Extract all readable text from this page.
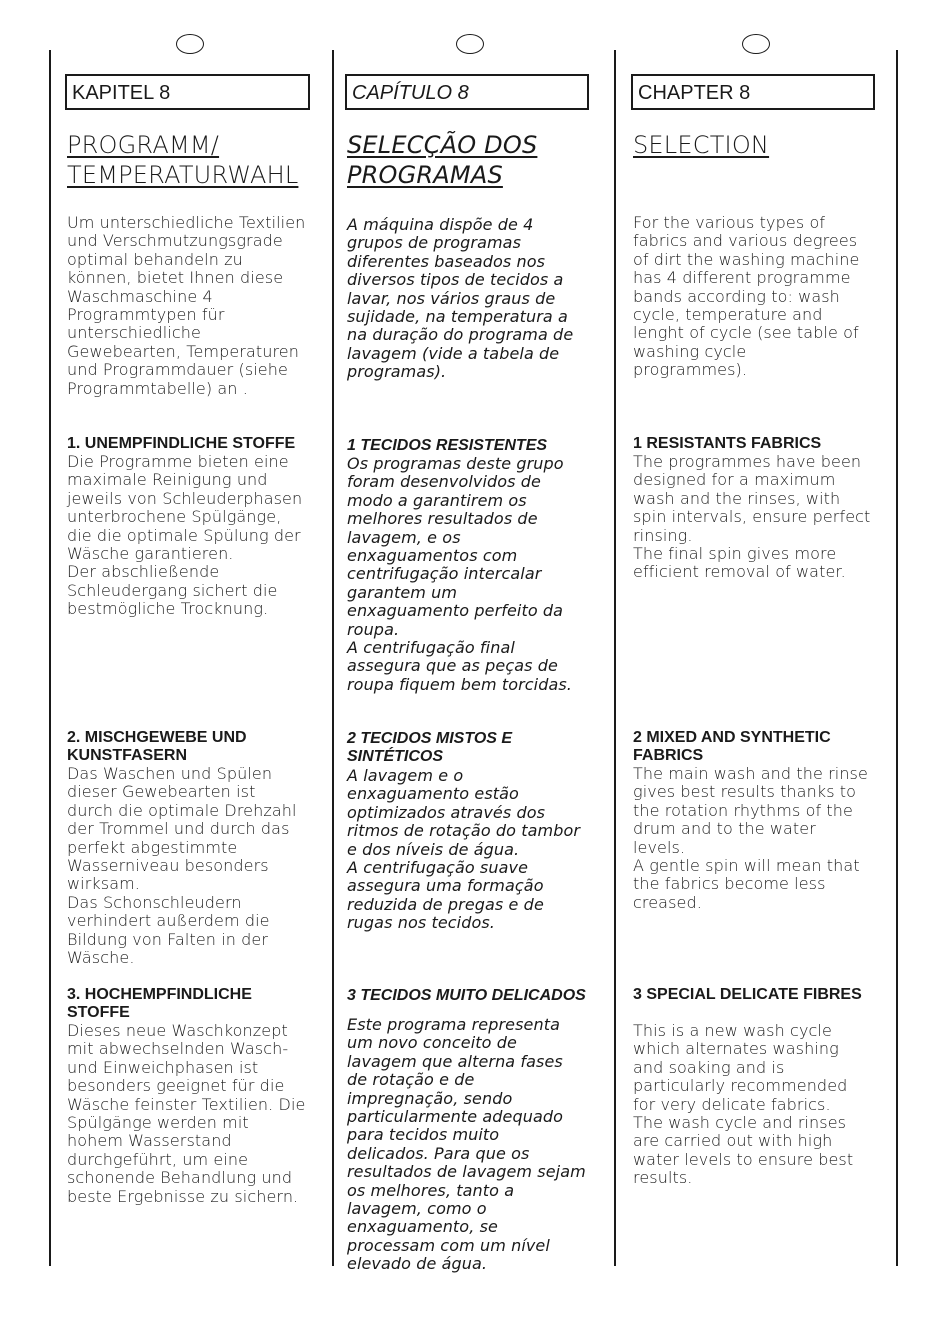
KAPITEL 8
PROGRAMM/
TEMPERATURWAHL
Um unterschiedliche Textilien
und Verschmutzungsgrade
optimal behandeln zu
können, bietet Ihnen diese
Waschmaschine 4
Programmtypen für
unterschiedliche
Gewebearten, Temperaturen
und Programmdauer (siehe
Programmtabelle) an .
1. UNEMPFINDLICHE STOFFE
Die Programme bieten eine
maximale Reinigung und
jeweils von Schleuderphasen
unterbrochene Spülgänge,
die die optimale Spülung der
Wäsche garantieren.
Der abschließende
Schleudergang sichert die
bestmögliche Trocknung.
2. MISCHGEWEBE UND
KUNSTFASERN
Das Waschen und Spülen
dieser Gewebearten ist
durch die optimale Drehzahl
der Trommel und durch das
perfekt abgestimmte
Wasserniveau besonders
wirksam.
Das Schonschleudern
verhindert außerdem die
Bildung von Falten in der
Wäsche.
3. HOCHEMPFINDLICHE
STOFFE
Dieses neue Waschkonzept
mit abwechselnden Wasch-
und Einweichphasen ist
besonders geeignet für die
Wäsche feinster Textilien. Die
Spülgänge werden mit
hohem Wasserstand
durchgeführt, um eine
schonende Behandlung und
beste Ergebnisse zu sichern.
CAPÍTULO 8
SELECÇÃO DOS
PROGRAMAS
A máquina dispõe de 4
grupos de programas
diferentes baseados nos
diversos tipos de tecidos a
lavar, nos vários graus de
sujidade, na temperatura a
na duração do programa de
lavagem (vide a tabela de
programas).
1 TECIDOS RESISTENTES
Os programas deste grupo
foram desenvolvidos de
modo a garantirem os
melhores resultados de
lavagem, e os
enxaguamentos com
centrifugação intercalar
garantem um
enxaguamento perfeito da
roupa.
A centrifugação final
assegura que as peças de
roupa fiquem bem torcidas.
2 TECIDOS MISTOS E
SINTÉTICOS
A lavagem e o
enxaguamento estão
optimizados através dos
ritmos de rotação do tambor
e dos níveis de água.
A centrifugação suave
assegura uma formação
reduzida de pregas e de
rugas nos tecidos.
3 TECIDOS MUITO DELICADOS
Este programa representa
um novo conceito de
lavagem que alterna fases
de rotação e de
impregnação, sendo
particularmente adequado
para tecidos muito
delicados. Para que os
resultados de lavagem sejam
os melhores, tanto a
lavagem, como o
enxaguamento, se
processam com um nível
elevado de água.
CHAPTER 8
SELECTION
For the various types of
fabrics and various degrees
of dirt the washing machine
has 4 different programme
bands according to: wash
cycle, temperature and
lenght of cycle (see table of
washing cycle
programmes).
1 RESISTANTS FABRICS
The programmes have been
designed for a maximum
wash and the rinses, with
spin intervals, ensure perfect
rinsing.
The final spin gives more
efficient removal of water.
2 MIXED AND SYNTHETIC
FABRICS
The main wash and the rinse
gives best results thanks to
the rotation rhythms of the
drum and to the water
levels.
A gentle spin will mean that
the fabrics become less
creased.
3 SPECIAL DELICATE FIBRES
This is a new wash cycle
which alternates washing
and soaking and is
particularly recommended
for very delicate fabrics.
The wash cycle and rinses
are carried out with high
water levels to ensure best
results.
